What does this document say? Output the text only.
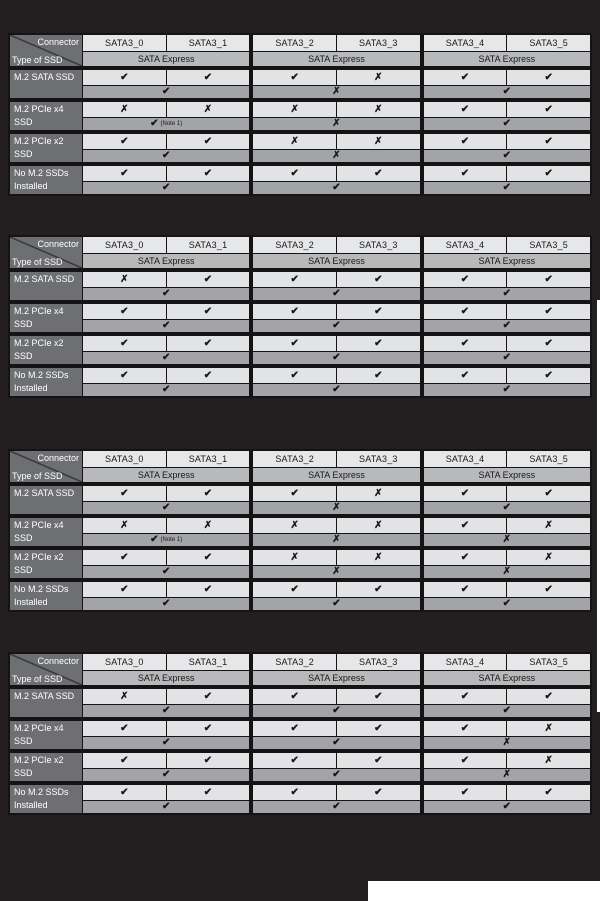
Connector
Type of SSD
SATA3_0	SATA3_1	SATA3_2	SATA3_3	SATA3_4	SATA3_5
SATA Express	SATA Express	SATA Express
M.2 SATA SSD	✔	✔	✔	✗	✔	✔
✔	✗	✔
M.2 PCIe x4
SSD
✗	✗	✗	✗	✔	✔
✔ (Note 1)	✗	✔
M.2 PCIe x2
SSD
✔	✔	✗	✗	✔	✔
✔	✗	✔
No M.2 SSDs
Installed
✔	✔	✔	✔	✔	✔
✔	✔	✔
Connector
Type of SSD
SATA3_0	SATA3_1	SATA3_2	SATA3_3	SATA3_4	SATA3_5
SATA Express	SATA Express	SATA Express
M.2 SATA SSD	✗	✔	✔	✔	✔	✔
✔	✔	✔
M.2 PCIe x4
SSD
✔	✔	✔	✔	✔	✔
✔	✔	✔
M.2 PCIe x2
SSD
✔	✔	✔	✔	✔	✔
✔	✔	✔
No M.2 SSDs
Installed
✔	✔	✔	✔	✔	✔
✔	✔	✔
Connector
Type of SSD
SATA3_0	SATA3_1	SATA3_2	SATA3_3	SATA3_4	SATA3_5
SATA Express	SATA Express	SATA Express
M.2 SATA SSD	✔	✔	✔	✗	✔	✔
✔	✗	✔
M.2 PCIe x4
SSD
✗	✗	✗	✗	✔	✗
✔ (Note 1)	✗	✗
M.2 PCIe x2
SSD
✔	✔	✗	✗	✔	✗
✔	✗	✗
No M.2 SSDs
Installed
✔	✔	✔	✔	✔	✔
✔	✔	✔
Connector
Type of SSD
SATA3_0	SATA3_1	SATA3_2	SATA3_3	SATA3_4	SATA3_5
SATA Express	SATA Express	SATA Express
M.2 SATA SSD	✗	✔	✔	✔	✔	✔
✔	✔	✔
M.2 PCIe x4
SSD
✔	✔	✔	✔	✔	✗
✔	✔	✗
M.2 PCIe x2
SSD
✔	✔	✔	✔	✔	✗
✔	✔	✗
No M.2 SSDs
Installed
✔	✔	✔	✔	✔	✔
✔	✔	✔
